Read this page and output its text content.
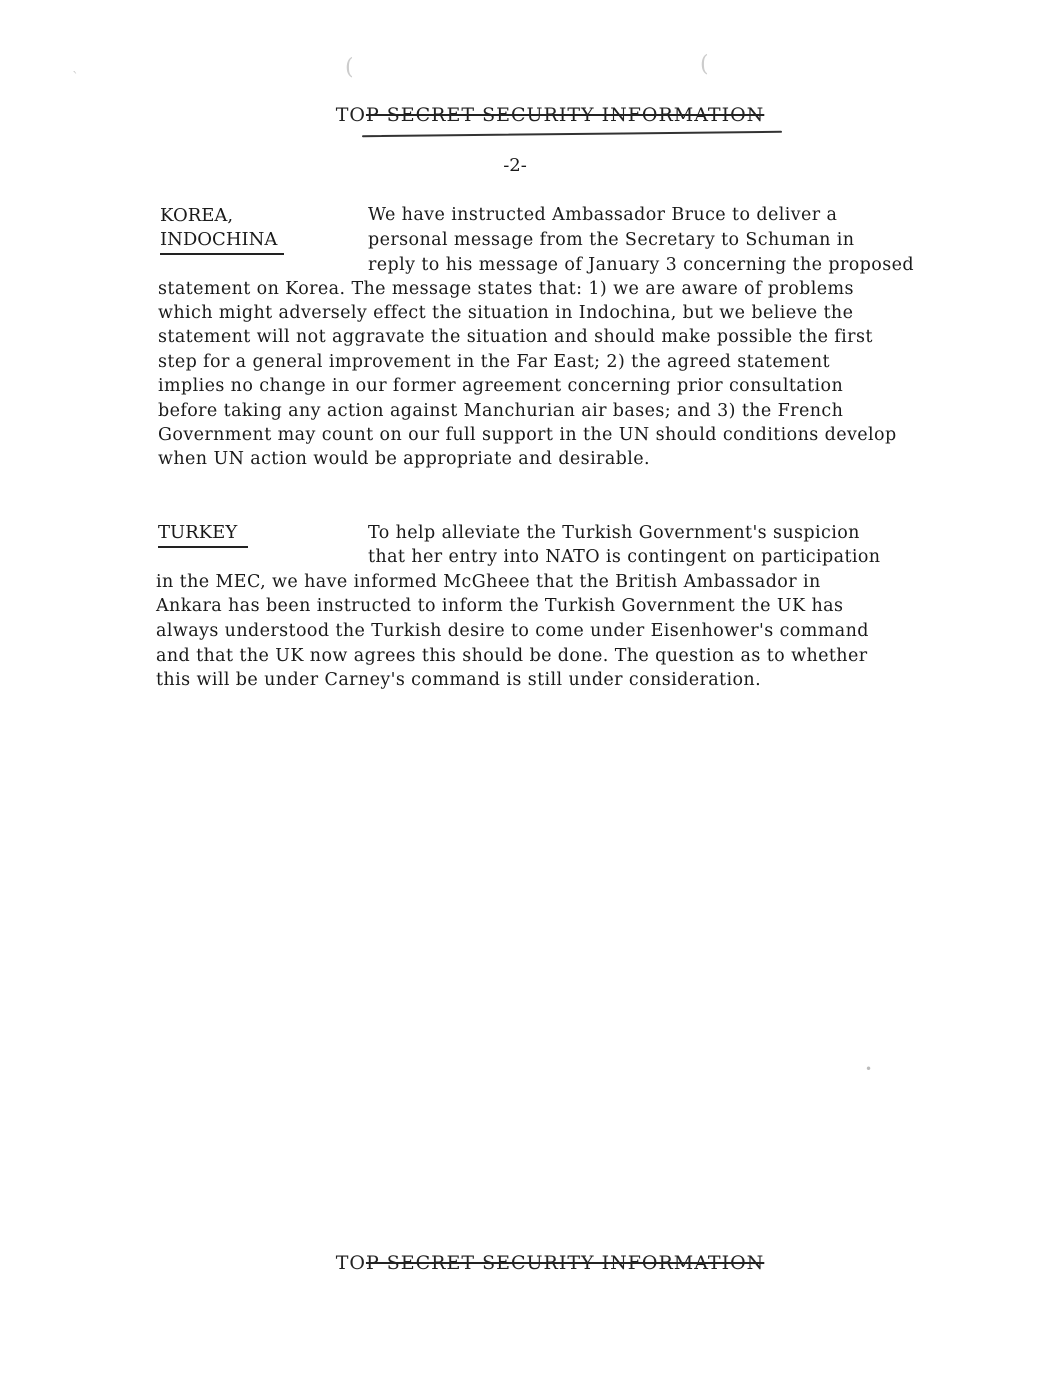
ˋ	(	(
TOP SECRET SECURITY INFORMATION
-2-
KOREA,
INDOCHINA
We have instructed Ambassador Bruce to deliver a
personal message from the Secretary to Schuman in
reply to his message of January 3 concerning the proposed
statement on Korea. The message states that: 1) we are aware of problems
which might adversely effect the situation in Indochina, but we believe the
statement will not aggravate the situation and should make possible the first
step for a general improvement in the Far East; 2) the agreed statement
implies no change in our former agreement concerning prior consultation
before taking any action against Manchurian air bases; and 3) the French
Government may count on our full support in the UN should conditions develop
when UN action would be appropriate and desirable.
TURKEY	To help alleviate the Turkish Government's suspicion
that her entry into NATO is contingent on participation
in the MEC, we have informed McGheee that the British Ambassador in
Ankara has been instructed to inform the Turkish Government the UK has
always understood the Turkish desire to come under Eisenhower's command
and that the UK now agrees this should be done. The question as to whether
this will be under Carney's command is still under consideration.
•
TOP SECRET SECURITY INFORMATION
